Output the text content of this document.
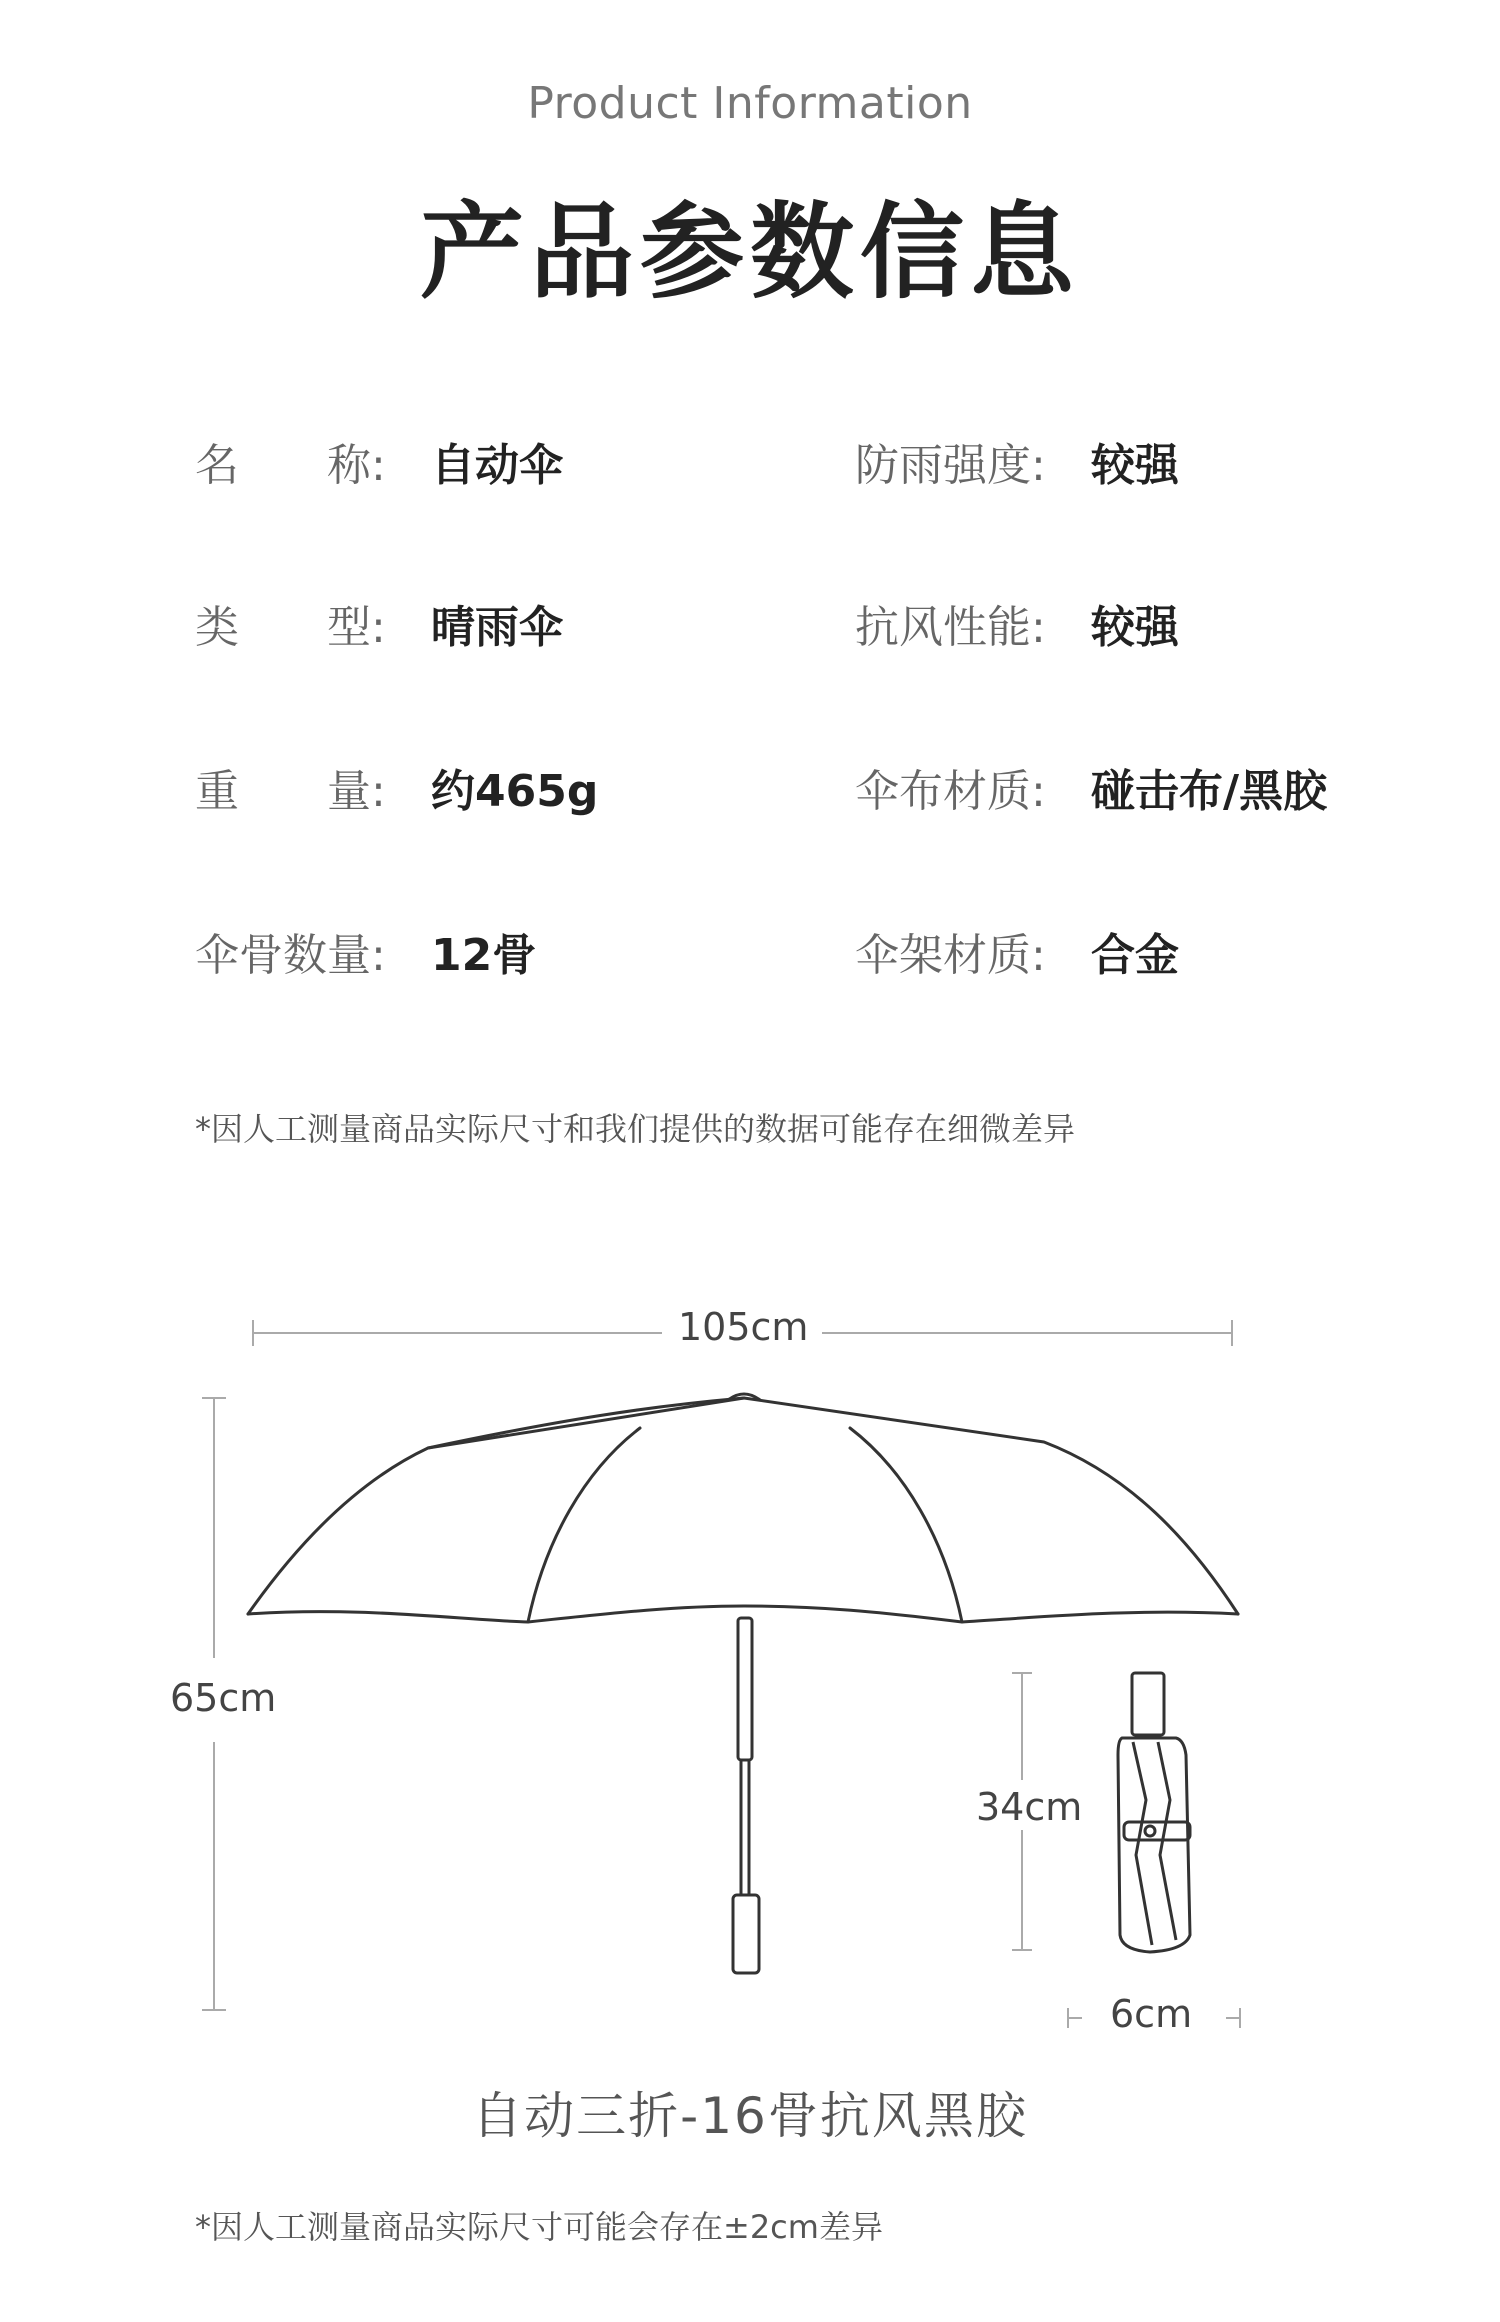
Product Information
产品参数信息
名　　称: 自动伞
类　　型: 晴雨伞
重　　量: 约465g
伞骨数量: 12骨
防雨强度: 较强
抗风性能: 较强
伞布材质: 碰击布/黑胶
伞架材质: 合金
*因人工测量商品实际尺寸和我们提供的数据可能存在细微差异
105cm
65cm
34cm
6cm
自动三折-16骨抗风黑胶
*因人工测量商品实际尺寸可能会存在±2cm差异
